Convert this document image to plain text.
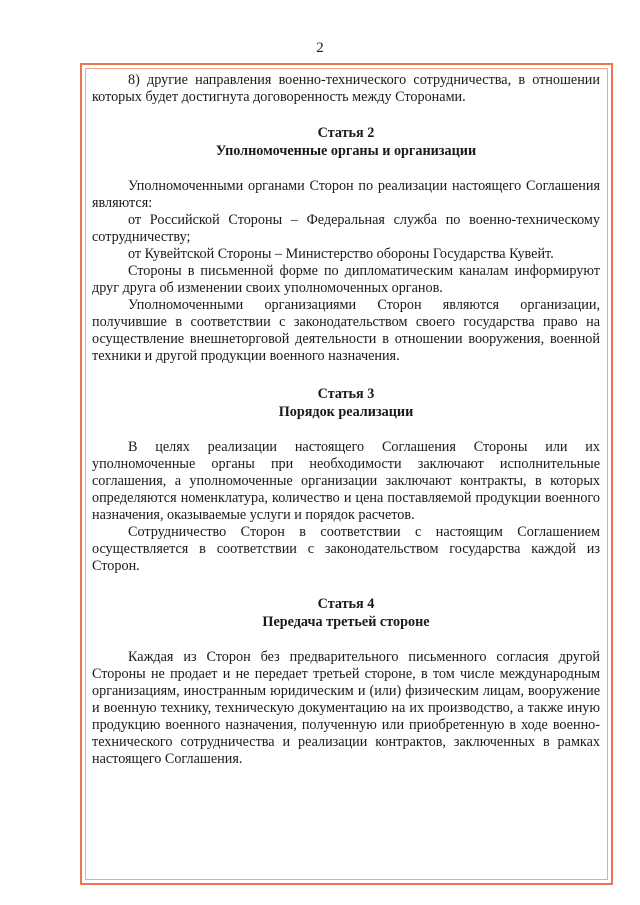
2

8) другие направления военно-технического сотрудничества, в отношении которых будет достигнута договоренность между Сторонами.

Статья 2
Уполномоченные органы и организации

Уполномоченными органами Сторон по реализации настоящего Соглашения являются:

от Российской Стороны – Федеральная служба по военно-техническому сотрудничеству;

от Кувейтской Стороны – Министерство обороны Государства Кувейт.

Стороны в письменной форме по дипломатическим каналам информируют друг друга об изменении своих уполномоченных органов.

Уполномоченными организациями Сторон являются организации, получившие в соответствии с законодательством своего государства право на осуществление внешнеторговой деятельности в отношении вооружения, военной техники и другой продукции военного назначения.

Статья 3
Порядок реализации

В целях реализации настоящего Соглашения Стороны или их уполномоченные органы при необходимости заключают исполнительные соглашения, а уполномоченные организации заключают контракты, в которых определяются номенклатура, количество и цена поставляемой продукции военного назначения, оказываемые услуги и порядок расчетов.

Сотрудничество Сторон в соответствии с настоящим Соглашением осуществляется в соответствии с законодательством государства каждой из Сторон.

Статья 4
Передача третьей стороне

Каждая из Сторон без предварительного письменного согласия другой Стороны не продает и не передает третьей стороне, в том числе международным организациям, иностранным юридическим и (или) физическим лицам, вооружение и военную технику, техническую документацию на их производство, а также иную продукцию военного назначения, полученную или приобретенную в ходе военно-технического сотрудничества и реализации контрактов, заключенных в рамках настоящего Соглашения.
